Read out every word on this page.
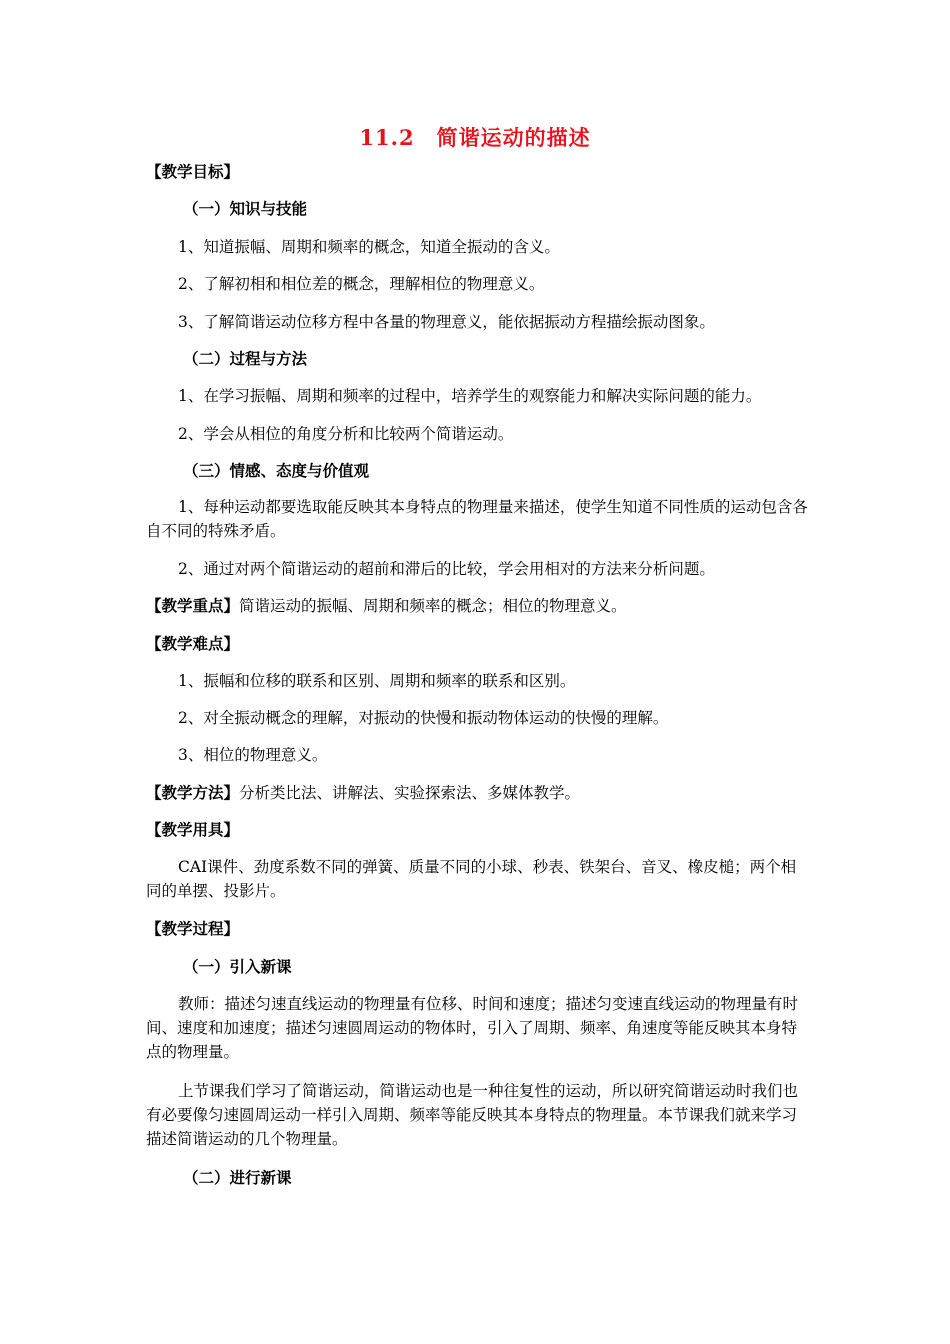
11.2　简谐运动的描述
【教学目标】
（一）知识与技能
1、知道振幅、周期和频率的概念，知道全振动的含义。
2、了解初相和相位差的概念，理解相位的物理意义。
3、了解简谐运动位移方程中各量的物理意义，能依据振动方程描绘振动图象。
（二）过程与方法
1、在学习振幅、周期和频率的过程中，培养学生的观察能力和解决实际问题的能力。
2、学会从相位的角度分析和比较两个简谐运动。
（三）情感、态度与价值观
1、每种运动都要选取能反映其本身特点的物理量来描述，使学生知道不同性质的运动包含各自不同的特殊矛盾。
2、通过对两个简谐运动的超前和滞后的比较，学会用相对的方法来分析问题。
【教学重点】简谐运动的振幅、周期和频率的概念；相位的物理意义。
【教学难点】
1、振幅和位移的联系和区别、周期和频率的联系和区别。
2、对全振动概念的理解，对振动的快慢和振动物体运动的快慢的理解。
3、相位的物理意义。
【教学方法】分析类比法、讲解法、实验探索法、多媒体教学。
【教学用具】
CAI课件、劲度系数不同的弹簧、质量不同的小球、秒表、铁架台、音叉、橡皮槌；两个相同的单摆、投影片。
【教学过程】
（一）引入新课
教师：描述匀速直线运动的物理量有位移、时间和速度；描述匀变速直线运动的物理量有时间、速度和加速度；描述匀速圆周运动的物体时，引入了周期、频率、角速度等能反映其本身特点的物理量。
上节课我们学习了简谐运动，简谐运动也是一种往复性的运动，所以研究简谐运动时我们也有必要像匀速圆周运动一样引入周期、频率等能反映其本身特点的物理量。本节课我们就来学习描述简谐运动的几个物理量。
（二）进行新课
